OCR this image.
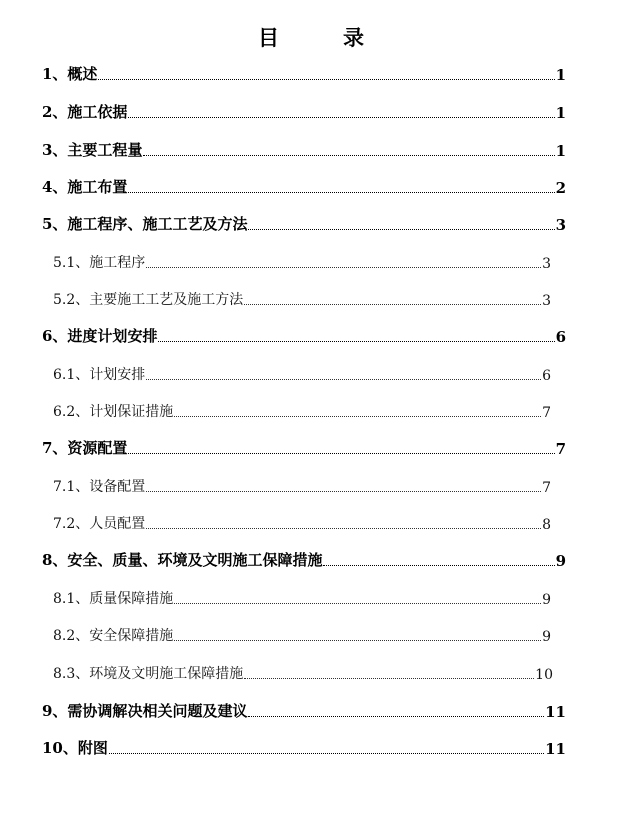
目	录
1、概述	1
2、施工依据	1
3、主要工程量	1
4、施工布置	2
5、施工程序、施工工艺及方法	3
5.1、施工程序	3
5.2、主要施工工艺及施工方法	3
6、进度计划安排	6
6.1、计划安排	6
6.2、计划保证措施	7
7、资源配置	7
7.1、设备配置	7
7.2、人员配置	8
8、安全、质量、环境及文明施工保障措施	9
8.1、质量保障措施	9
8.2、安全保障措施	9
8.3、环境及文明施工保障措施	10
9、需协调解决相关问题及建议	11
10、附图	11
